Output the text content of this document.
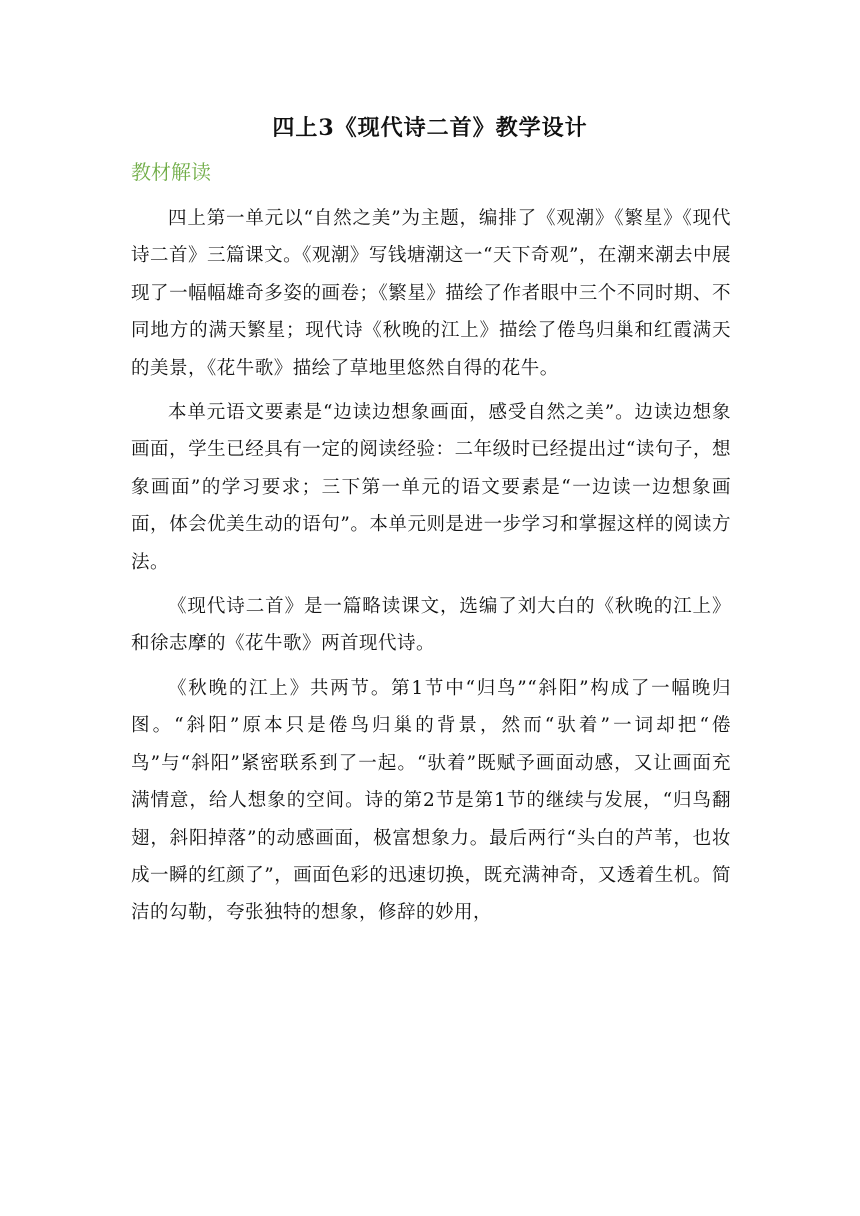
四上3《现代诗二首》教学设计
教材解读

四上第一单元以“自然之美”为主题，编排了《观潮》《繁星》《现代诗二首》三篇课文。《观潮》写钱塘潮这一“天下奇观”，在潮来潮去中展现了一幅幅雄奇多姿的画卷；《繁星》描绘了作者眼中三个不同时期、不同地方的满天繁星；现代诗《秋晚的江上》描绘了倦鸟归巢和红霞满天的美景，《花牛歌》描绘了草地里悠然自得的花牛。

本单元语文要素是“边读边想象画面，感受自然之美”。边读边想象画面，学生已经具有一定的阅读经验：二年级时已经提出过“读句子，想象画面”的学习要求；三下第一单元的语文要素是“一边读一边想象画面，体会优美生动的语句”。本单元则是进一步学习和掌握这样的阅读方法。

《现代诗二首》是一篇略读课文，选编了刘大白的《秋晚的江上》和徐志摩的《花牛歌》两首现代诗。

《秋晚的江上》共两节。第1节中“归鸟”“斜阳”构成了一幅晚归图。“斜阳”原本只是倦鸟归巢的背景，然而“驮着”一词却把“倦鸟”与“斜阳”紧密联系到了一起。“驮着”既赋予画面动感，又让画面充满情意，给人想象的空间。诗的第2节是第1节的继续与发展，“归鸟翻翅，斜阳掉落”的动感画面，极富想象力。最后两行“头白的芦苇，也妆成一瞬的红颜了”，画面色彩的迅速切换，既充满神奇，又透着生机。简洁的勾勒，夸张独特的想象，修辞的妙用，
